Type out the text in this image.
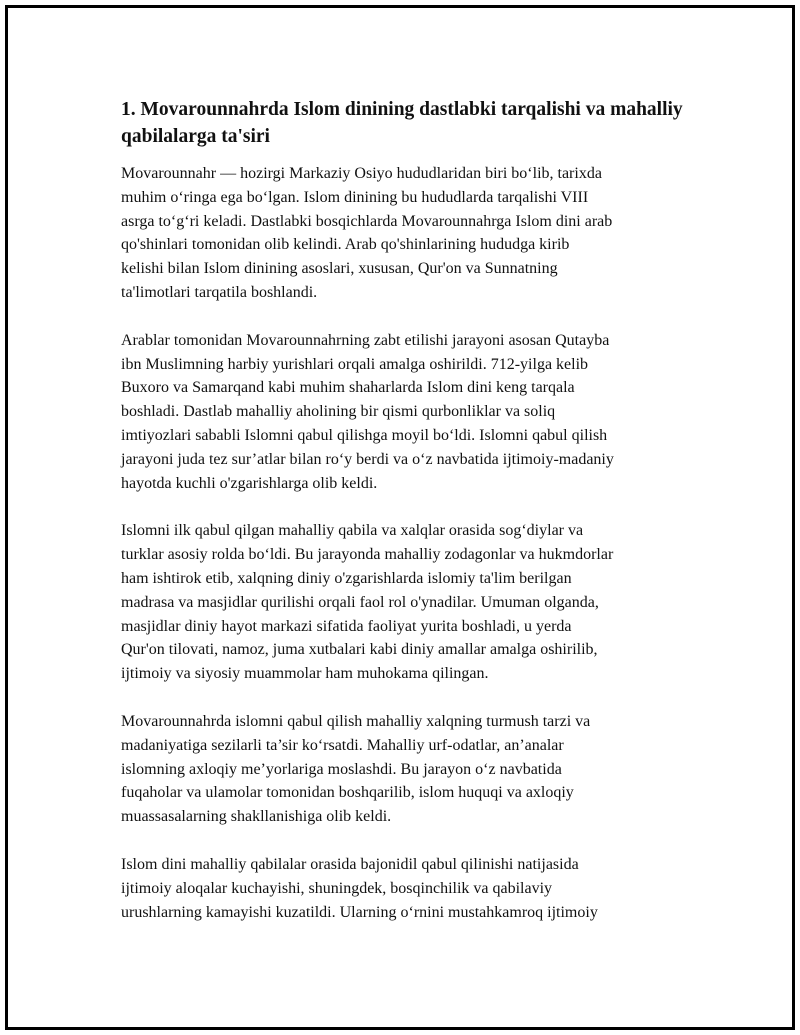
1. Movarounnahrda Islom dinining dastlabki tarqalishi va mahalliy qabilalarga ta'siri

Movarounnahr — hozirgi Markaziy Osiyo hududlaridan biri bo‘lib, tarixda
muhim o‘ringa ega bo‘lgan. Islom dinining bu hududlarda tarqalishi VIII
asrga to‘g‘ri keladi. Dastlabki bosqichlarda Movarounnahrga Islom dini arab
qo'shinlari tomonidan olib kelindi. Arab qo'shinlarining hududga kirib
kelishi bilan Islom dinining asoslari, xususan, Qur'on va Sunnatning
ta'limotlari tarqatila boshlandi.

Arablar tomonidan Movarounnahrning zabt etilishi jarayoni asosan Qutayba
ibn Muslimning harbiy yurishlari orqali amalga oshirildi. 712-yilga kelib
Buxoro va Samarqand kabi muhim shaharlarda Islom dini keng tarqala
boshladi. Dastlab mahalliy aholining bir qismi qurbonliklar va soliq
imtiyozlari sababli Islomni qabul qilishga moyil bo‘ldi. Islomni qabul qilish
jarayoni juda tez sur’atlar bilan ro‘y berdi va o‘z navbatida ijtimoiy-madaniy
hayotda kuchli o'zgarishlarga olib keldi.

Islomni ilk qabul qilgan mahalliy qabila va xalqlar orasida sog‘diylar va
turklar asosiy rolda bo‘ldi. Bu jarayonda mahalliy zodagonlar va hukmdorlar
ham ishtirok etib, xalqning diniy o'zgarishlarda islomiy ta'lim berilgan
madrasa va masjidlar qurilishi orqali faol rol o'ynadilar. Umuman olganda,
masjidlar diniy hayot markazi sifatida faoliyat yurita boshladi, u yerda
Qur'on tilovati, namoz, juma xutbalari kabi diniy amallar amalga oshirilib,
ijtimoiy va siyosiy muammolar ham muhokama qilingan.

Movarounnahrda islomni qabul qilish mahalliy xalqning turmush tarzi va
madaniyatiga sezilarli ta’sir ko‘rsatdi. Mahalliy urf-odatlar, an’analar
islomning axloqiy me’yorlariga moslashdi. Bu jarayon o‘z navbatida
fuqaholar va ulamolar tomonidan boshqarilib, islom huquqi va axloqiy
muassasalarning shakllanishiga olib keldi.

Islom dini mahalliy qabilalar orasida bajonidil qabul qilinishi natijasida
ijtimoiy aloqalar kuchayishi, shuningdek, bosqinchilik va qabilaviy
urushlarning kamayishi kuzatildi. Ularning o‘rnini mustahkamroq ijtimoiy
